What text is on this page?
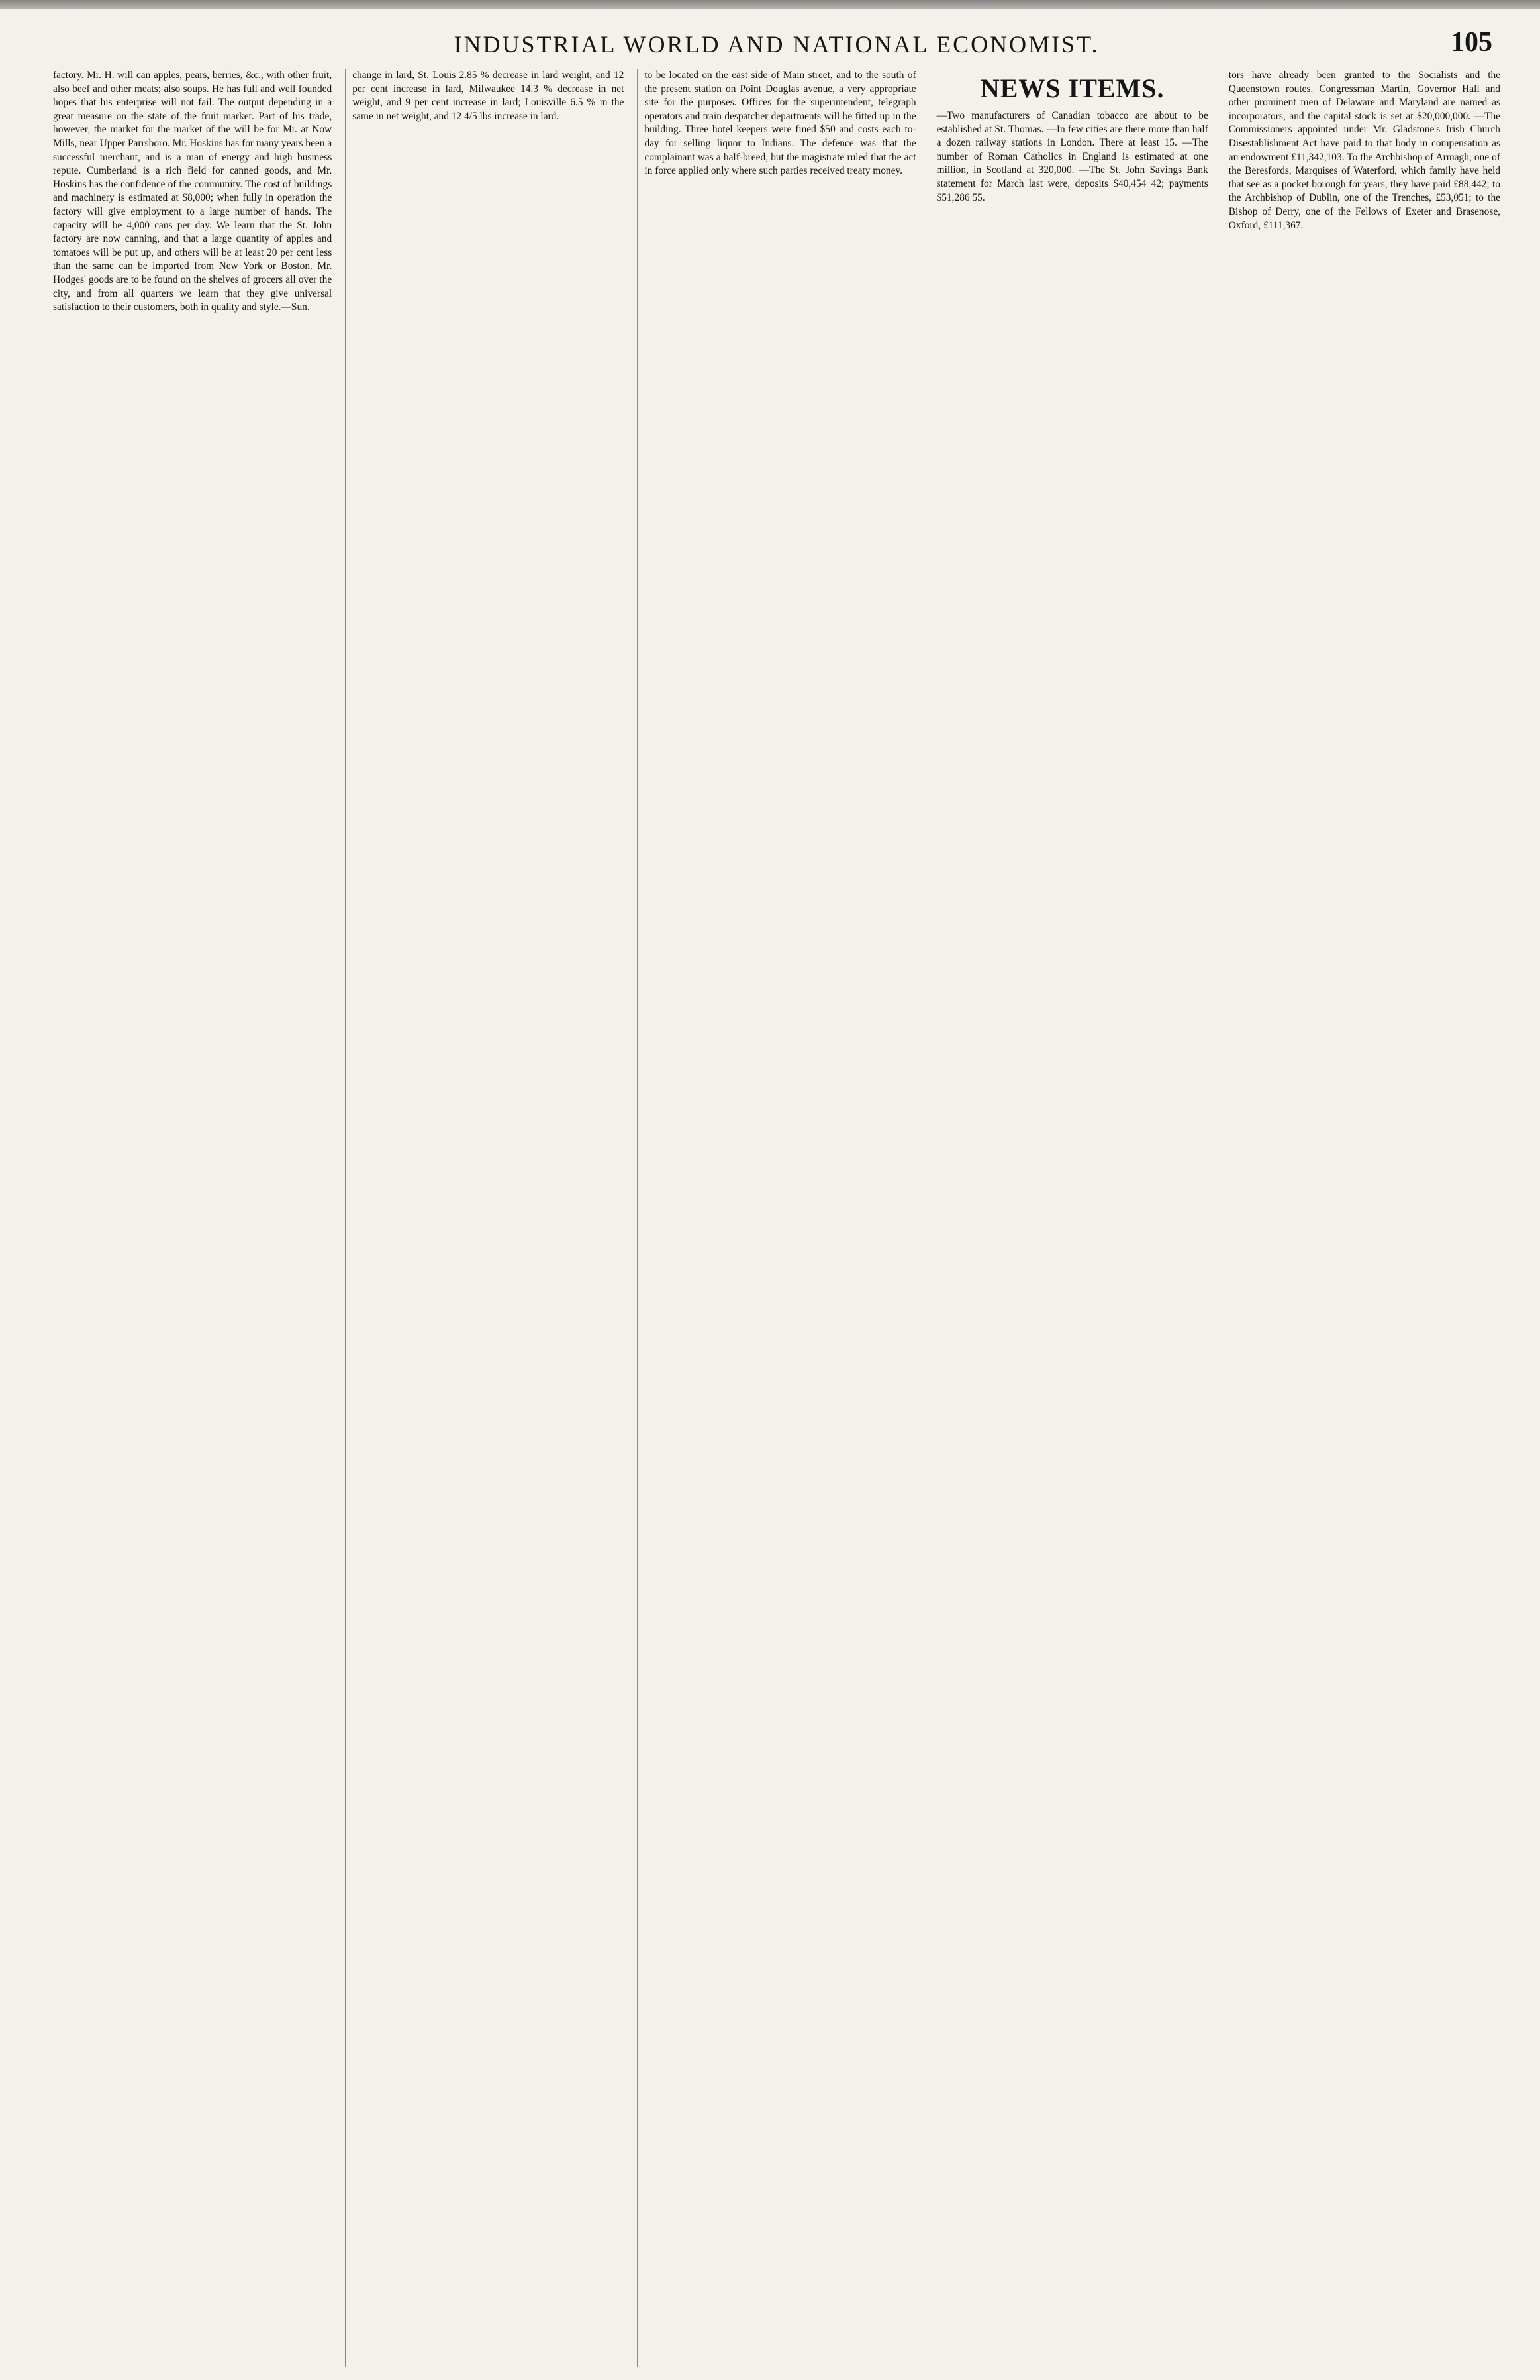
INDUSTRIAL WORLD AND NATIONAL ECONOMIST.	105

factory. Mr. H. will can apples, pears, berries, &c., with other fruit, also beef and other meats; also soups. He has full and well founded hopes that his enterprise will not fail. The output depending in a great measure on the state of the fruit market. Part of his trade, however, the market for the market of the will be for Mr. at Now Mills, near Upper Parrsboro. Mr. Hoskins has for many years been a successful merchant, and is a man of energy and high business repute. Cumberland is a rich field for canned goods, and Mr. Hoskins has the confidence of the community. The cost of buildings and machinery is estimated at $8,000; when fully in operation the factory will give employment to a large number of hands. The capacity will be 4,000 cans per day. We learn that the St. John factory are now canning, and that a large quantity of apples and tomatoes will be put up, and others will be at least 20 per cent less than the same can be imported from New York or Boston. Mr. Hodges' goods are to be found on the shelves of grocers all over the city, and from all quarters we learn that they give universal satisfaction to their customers, both in quality and style.—Sun.

change in lard, St. Louis 2.85 % decrease in lard weight, and 12 per cent increase in lard, Milwaukee 14.3 % decrease in net weight, and 9 per cent increase in lard; Louisville 6.5 % in the same in net weight, and 12 4/5 lbs increase in lard.

to be located on the east side of Main street, and to the south of the present station on Point Douglas avenue, a very appropriate site for the purposes. Offices for the superintendent, telegraph operators and train despatcher departments will be fitted up in the building. Three hotel keepers were fined $50 and costs each to-day for selling liquor to Indians. The defence was that the complainant was a half-breed, but the magistrate ruled that the act in force applied only where such parties received treaty money.

NEWS ITEMS.

—Two manufacturers of Canadian tobacco are about to be established at St. Thomas. —In few cities are there more than half a dozen railway stations in London. There at least 15. —The number of Roman Catholics in England is estimated at one million, in Scotland at 320,000. —The St. John Savings Bank statement for March last were, deposits $40,454 42; payments $51,286 55.

tors have already been granted to the Socialists and the Queenstown routes. Congressman Martin, Governor Hall and other prominent men of Delaware and Maryland are named as incorporators, and the capital stock is set at $20,000,000. —The Commissioners appointed under Mr. Gladstone's Irish Church Disestablishment Act have paid to that body in compensation as an endowment £11,342,103. To the Archbishop of Armagh, one of the Beresfords, Marquises of Waterford, which family have held that see as a pocket borough for years, they have paid £88,442; to the Archbishop of Dublin, one of the Trenches, £53,051; to the Bishop of Derry, one of the Fellows of Exeter and Brasenose, Oxford, £111,367.
